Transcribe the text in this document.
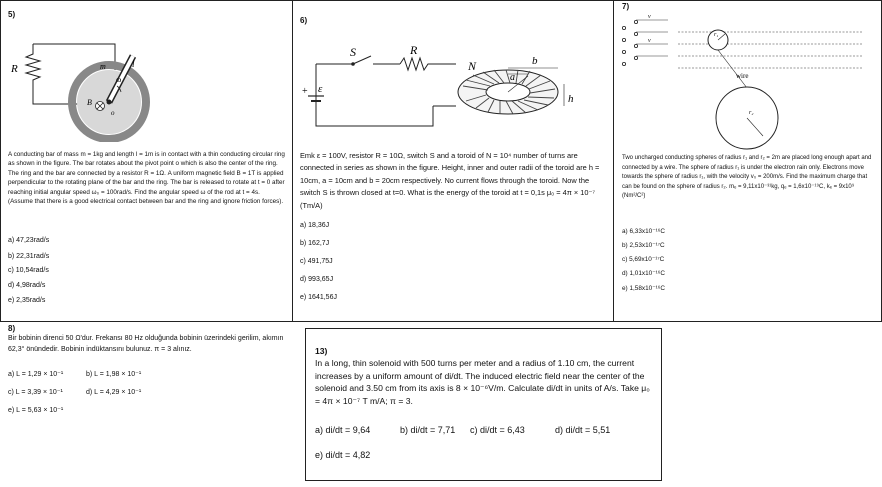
5)
R	m	l
ω
B
o
A conducting bar of mass m = 1kg and length l = 1m is in contact with a thin conducting circular ring as shown in the figure. The bar rotates about the pivot point o which is also the center of the ring. The ring and the bar are connected by a resistor R = 1Ω. A uniform magnetic field B = 1T is applied perpendicular to the rotating plane of the bar and the ring. The bar is released to rotate at t = 0 after reaching initial angular speed ω₀ = 100rad/s. Find the angular speed ω of the rod at t = 4s. (Assume that there is a good electrical contact between bar and the ring and ignore friction forces).
a) 47,23rad/s
b) 22,31rad/s
c) 10,54rad/s
d) 4,98rad/s
e) 2,35rad/s
6)
S	R
N	b
a
h
ε
+
Emk ε = 100V, resistor R = 10Ω, switch S and a toroid of N = 10⁴ number of turns are connected in series as shown in the figure. Height, inner and outer radii of the toroid are h = 10cm, a = 10cm and b = 20cm respectively. No current flows through the toroid. Now the switch S is thrown closed at t=0. What is the energy of the toroid at t = 0,1s μ₀ = 4π × 10⁻⁷ (Tm/A)
a) 18,36J
b) 162,7J
c) 491,75J
d) 993,65J
e) 1641,56J
7)
v
v
r₁
r₂
wire
Two uncharged conducting spheres of radius r₁ and r₂ = 2m are placed long enough apart and connected by a wire. The sphere of radius r₁ is under the electron rain only. Electrons move towards the sphere of radius r₁, with the velocity v₀ = 200m/s. Find the maximum charge that can be found on the sphere of radius r₂. mₑ = 9,11x10⁻³¹kg, qₑ = 1,6x10⁻¹⁹C, kₑ = 9x10⁹ (Nm²/C²)
a) 6,33x10⁻¹⁶C
b) 2,53x10⁻¹⁷C
c) 5,69x10⁻¹⁷C
d) 1,01x10⁻¹⁶C
e) 1,58x10⁻¹⁶C
8)
Bir bobinin direnci 50 Ω'dur. Frekansı 80 Hz olduğunda bobinin üzerindeki gerilim, akımın 62,3° önündedir. Bobinin indüktansını bulunuz. π = 3 alınız.
a) L = 1,29 × 10⁻¹	b) L = 1,98 × 10⁻¹
c) L = 3,39 × 10⁻¹	d) L = 4,29 × 10⁻¹
e) L = 5,63 × 10⁻¹
13)
In a long, thin solenoid with 500 turns per meter and a radius of 1.10 cm, the current increases by a uniform amount of di/dt. The induced electric field near the center of the solenoid and 3.50 cm from its axis is 8 × 10⁻⁶V/m. Calculate di/dt in units of A/s. Take μ₀ = 4π × 10⁻⁷ T m/A; π = 3.
a) di/dt = 9,64	b) di/dt = 7,71 c) di/dt = 6,43	d) di/dt = 5,51
e) di/dt = 4,82
